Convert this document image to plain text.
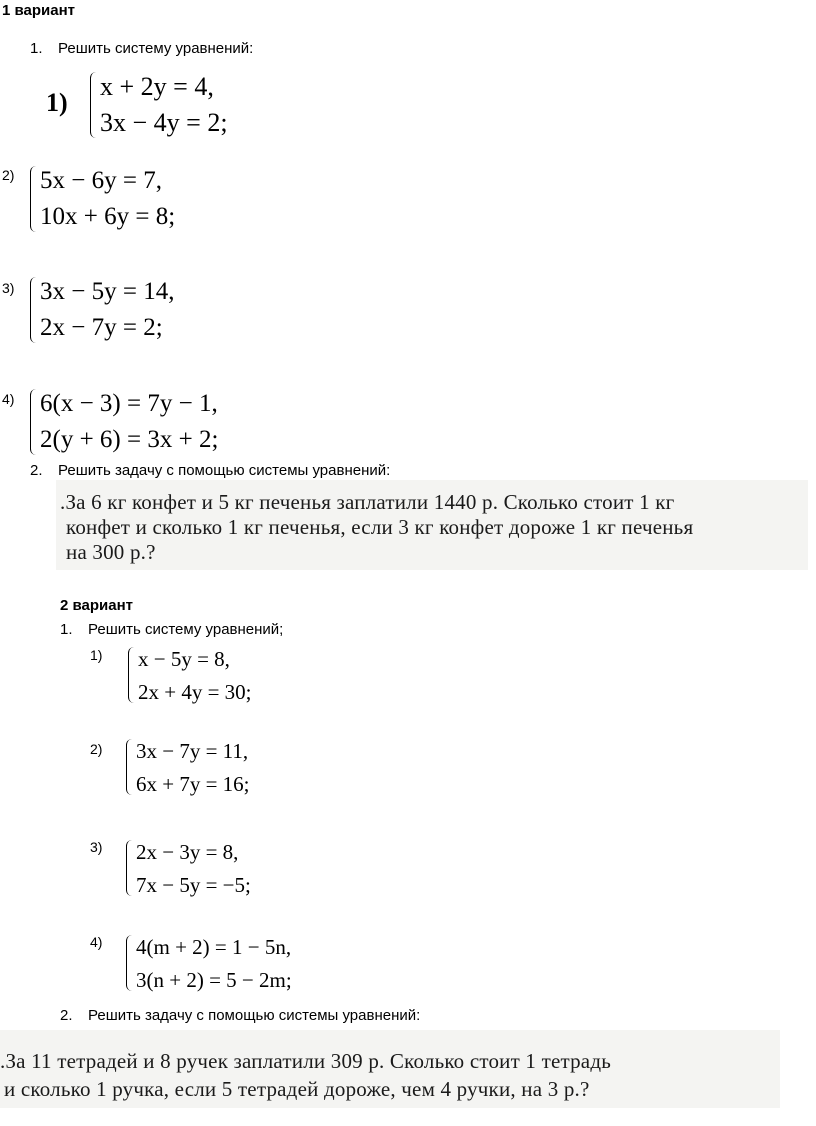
1 вариант
1. Решить систему уравнений:
1)
x + 2y = 4,
3x − 4y = 2;
2) 5x − 6y = 7,
10x + 6y = 8;
3) 3x − 5y = 14,
2x − 7y = 2;
4) 6(x − 3) = 7y − 1,
2(y + 6) = 3x + 2;
2. Решить задачу с помощью системы уравнений:
.За 6 кг конфет и 5 кг печенья заплатили 1440 р. Сколько стоит 1 кг
конфет и сколько 1 кг печенья, если 3 кг конфет дороже 1 кг печенья
на 300 р.?
2 вариант
1. Решить систему уравнений;
1) x − 5y = 8,
2x + 4y = 30;
2) 3x − 7y = 11,
6x + 7y = 16;
3) 2x − 3y = 8,
7x − 5y = −5;
4) 4(m + 2) = 1 − 5n,
3(n + 2) = 5 − 2m;
2. Решить задачу с помощью системы уравнений:
.За 11 тетрадей и 8 ручек заплатили 309 р. Сколько стоит 1 тетрадь
и сколько 1 ручка, если 5 тетрадей дороже, чем 4 ручки, на 3 р.?
